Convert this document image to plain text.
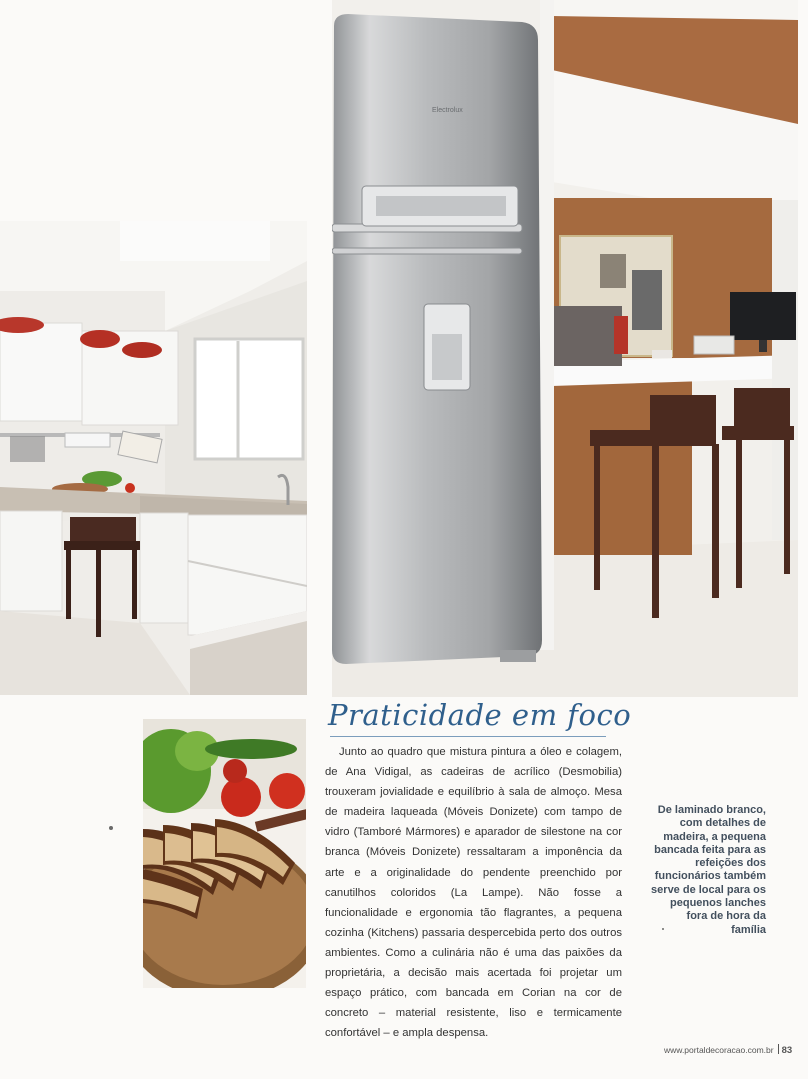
Electrolux
Praticidade em foco

Junto ao quadro que mistura pintura a óleo e colagem, de Ana Vidigal, as cadeiras de acrílico (Desmobilia) trouxeram jovialidade e equilíbrio à sala de almoço. Mesa de madeira laqueada (Móveis Donizete) com tampo de vidro (Tamboré Mármores) e aparador de silestone na cor branca (Móveis Donizete) ressaltaram a imponência da arte e a originalidade do pendente preenchido por canutilhos coloridos (La Lampe). Não fosse a funcionalidade e ergonomia tão flagrantes, a pequena cozinha (Kitchens) passaria despercebida perto dos outros ambientes. Como a culinária não é uma das paixões da proprietária, a decisão mais acertada foi projetar um espaço prático, com bancada em Corian na cor de concreto – material resistente, liso e termicamente confortável – e ampla despensa.

De laminado branco, com detalhes de madeira, a pequena bancada feita para as refeições dos funcionários também serve de local para os pequenos lanches fora de hora da família
www.portaldecoracao.com.br 83
